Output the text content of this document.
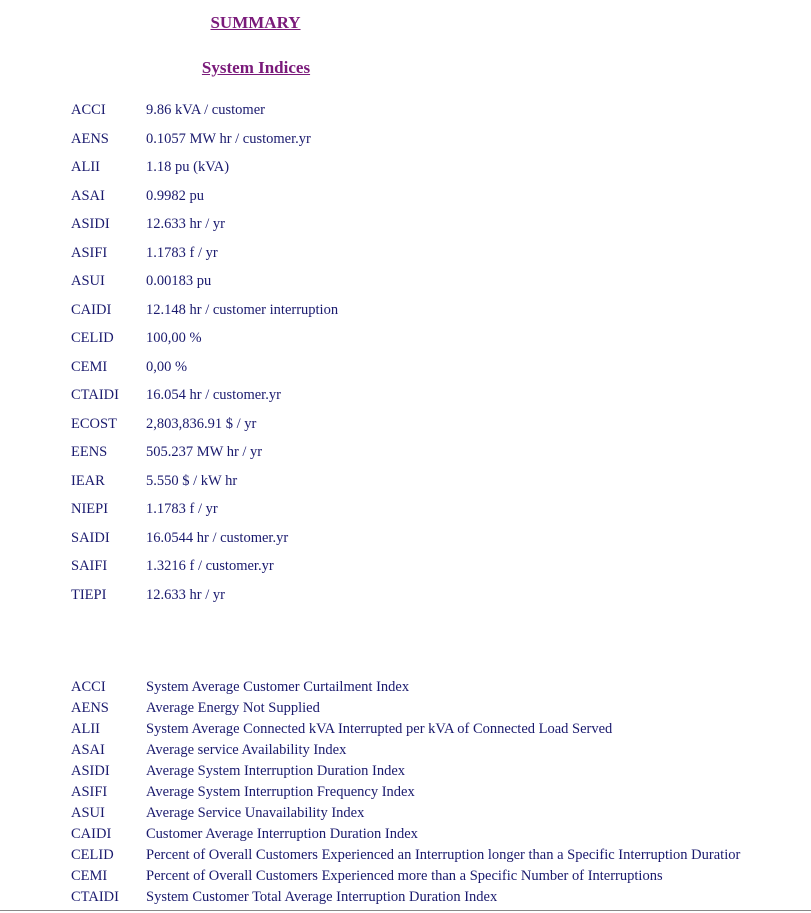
SUMMARY
System Indices
ACCI	9.86 kVA / customer
AENS	0.1057 MW hr / customer.yr
ALII	1.18 pu (kVA)
ASAI	0.9982 pu
ASIDI	12.633 hr / yr
ASIFI	1.1783 f / yr
ASUI	0.00183 pu
CAIDI 12.148 hr / customer interruption
CELID 100,00 %
CEMI	0,00 %
CTAIDI 16.054 hr / customer.yr
ECOST 2,803,836.91 $ / yr
EENS	505.237 MW hr / yr
IEAR	5.550 $ / kW hr
NIEPI	1.1783 f / yr
SAIDI	16.0544 hr / customer.yr
SAIFI	1.3216 f / customer.yr
TIEPI	12.633 hr / yr
ACCI	System Average Customer Curtailment Index
AENS	Average Energy Not Supplied
ALII	System Average Connected kVA Interrupted per kVA of Connected Load Served
ASAI	Average service Availability Index
ASIDI	Average System Interruption Duration Index
ASIFI	Average System Interruption Frequency Index
ASUI	Average Service Unavailability Index
CAIDI Customer Average Interruption Duration Index
CELID Percent of Overall Customers Experienced an Interruption longer than a Specific Interruption Duratior
CEMI	Percent of Overall Customers Experienced more than a Specific Number of Interruptions
CTAIDI System Customer Total Average Interruption Duration Index
